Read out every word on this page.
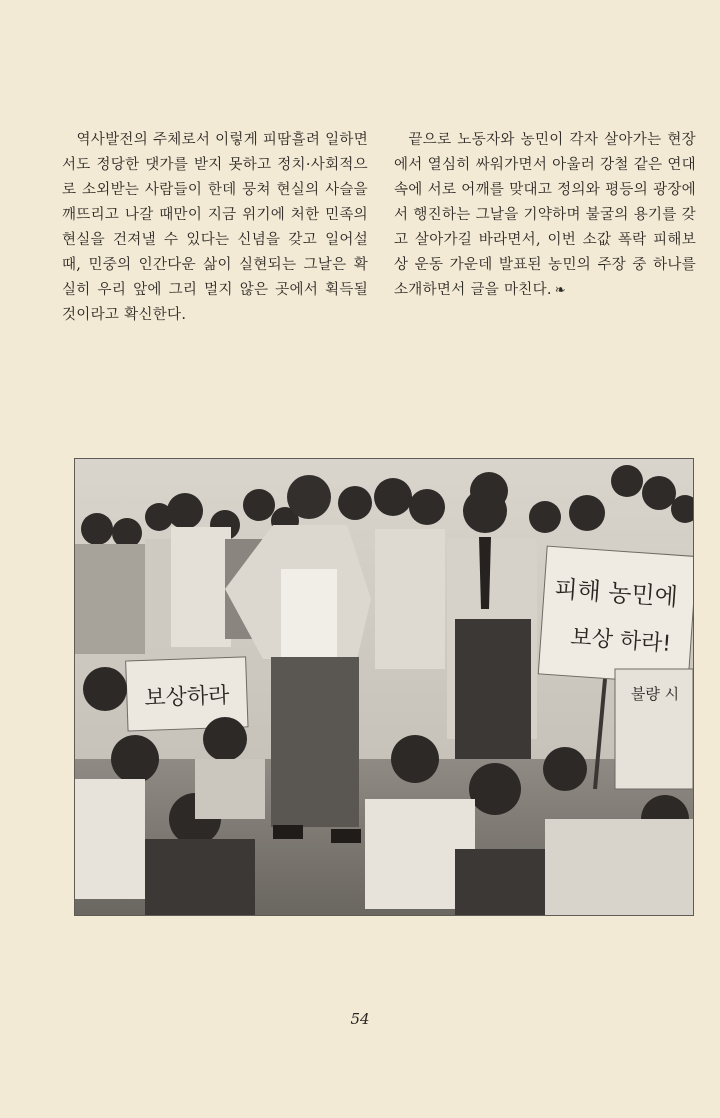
역사발전의 주체로서 이렇게 피땀흘려 일하면서도 정당한 댓가를 받지 못하고 정치·사회적으로 소외받는 사람들이 한데 뭉쳐 현실의 사슬을 깨뜨리고 나갈 때만이 지금 위기에 처한 민족의 현실을 건져낼 수 있다는 신념을 갖고 일어설 때, 민중의 인간다운 삶이 실현되는 그날은 확실히 우리 앞에 그리 멀지 않은 곳에서 획득될 것이라고 확신한다.

끝으로 노동자와 농민이 각자 살아가는 현장에서 열심히 싸워가면서 아울러 강철 같은 연대 속에 서로 어깨를 맞대고 정의와 평등의 광장에서 행진하는 그날을 기약하며 불굴의 용기를 갖고 살아가길 바라면서, 이번 소값 폭락 피해보상 운동 가운데 발표된 농민의 주장 중 하나를 소개하면서 글을 마친다. ❧

보상하라
피해 농민에
보상 하라!
불량 시
54
